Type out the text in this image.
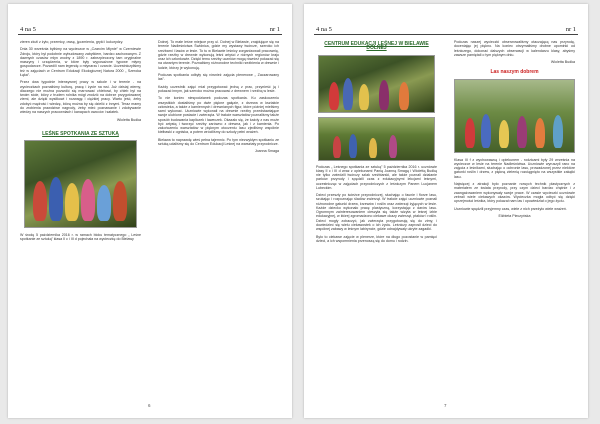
4 na 5	nr 1

zieren złożi z żyto, przemicy, owsę, jęczmienia, gryki i kukurydzy.

Dnia 30 września byliśmy na wycieczce w „Czarcim Młynie” w Czerniewie Zdroju, który był podobnie wybudowany zabytkiem, bardzo zachowanym. Z dawnych czasów młyn wodny z 1890 r. zabezpieczony tam oryginalne maszyny i urządzenia, w które były wyposażone typowe młyny gospodarcze. Pozwolili nam legendę o młynarzu i czarcie. Uczestniczyliśmy też w zajęciach w Centrum Edukacji Ekologicznej Natura 2000 „ Szeroka Łąka”.

Przez dwa tygodnie intensywnej pracy w szkole i w terenie - na wycieczkach poznaliśmy kulturę, pracę i życie na wsi. Już dzisiaj wiemy, dlaczego nie można pozwolić się marnować chlebowi, by chleb był na twoim stole, który z trudem rolnika mógł zrodzić na dobrze przygotowanej ziemi, ale dzięki wysiłkowi i rozwagę i ciężkiej pracy. Warto jeść, żeby zdobyć mądrość i wiedzę, którą można by się dzielić z innymi. Teraz mamy do zrobienia prawdziwe nagrody, żeby mieć poznawanie i zdobywanie wiedzy na naszych pracowniach i kanapach owoców i sałatek.

Wioletta Budka
LEŚNE SPOTKANIA ZE SZTUKĄ

W środę 5 października 2016 r. w ramach bloku tematycznego „ Leśne spotkanie ze sztuką” klasa II c i III d pojechała na wycieczkę do Bielawy

Dolnej. To małe leśne miejsce przy ul. Dolnej w Bielawie, znajdujące się na terenie Nadleśnictwa Świdnica, gdzie my wystawy twórcze, szeroko ich rzeźbami i lasów w lesie. To tu w Bielawie leśnicy zorganizowali pracownię, gdzie rzeźby w drewnie wykonują leśni artyści z różnych regionów kraju oraz ich członkowie. Dzięki temu rzeźby uczniów mogą również pokazać się na otwartym terenie. Poznaliśmy różnorodne techniki rzeźbienia w drewnie i ludzie, którzy je wykonują.

Podczas spotkania odbyły się również zajęcia plenerowe „ Zaczarowany las”.

Każdy uczestnik zajęć miał przygotować jedną z prac, przynieść ją i pokazać innym, jak szeroko można pracować z drewnem i rzeźbą w lesie.

To nie koniec niespodzianek podczas spotkania. Ku zaskoczeniu wszystkich dostaliśmy po dwie piękne gałęzie, z drzewa w kształcie człowieka, a także z kamiennych i drewnianych figur, które później mieliśmy sami wykonać. Uczniowie wykonali na drewnie rzeźby przedstawiające swoje ulubione postacie i zwierzęta. W trakcie warsztatów poznaliśmy także sposób budowania kapliczek i ławeczek. Okazało się, że każdy z nas może być artystą i tworzyć rzeźby zarówno z drewna, jak i z kamienia. Po zakończeniu warsztatów w pięknym otoczeniu lasu zjedliśmy wspólnie kiełbaski z ogniska, a potem wróciliśmy do szkoły pełni wrażeń.

Bielawa to naprawdę wieś pełna tajemnic. Po tym niezwykłym spotkaniu ze sztuką udaliśmy się do Centrum Edukacji Leśnej na warsztaty przyrodnicze.

Joanna Smaga
6
4 na 5	nr 1
CENTRUM EDUKACJI LEŚNEJ W BIELAWIE DOLNEJ

Podczas „ Leśnego spotkania ze sztuką” 5 października 2016 r. uczniowie klasy II c i III d wraz z opiekunami Panią Joanną Smagą i Wiolettą Budką nie tylko zwiedzili twórczy szlak rzeźbiarski, ale także poznali działanie parków przyrody i spędzili czas z edukacyjnymi lekcjami leśnymi, uczestnicząc w zajęciach przyrodniczych z leśniczym Panem Lucjanem Lubeckim.

Dzieci przeszły po ścieżce przyrodniczej, słuchając o faunie i florze lasu, szukając i rozpoznając śladów zwierząt. W trakcie zajęć uczniowie poznali różnorodne gatunki drzew, krzewów i roślin oraz zwierząt żyjących w lesie. Każde dziecko wykonało pracę plastyczną, korzystając z darów lasu. Ogromnym zainteresowaniem cieszyła się także wizyta w leśnej izbie edukacyjnej, w której zgromadzono ciekawe okazy zwierząt, ptaków i roślin. Dzieci mogły zobaczyć, jak zwierzęta przygotowują się do zimy, i dowiedzieć się wielu ciekawostek o ich życiu. Leśniczy zaprosił dzieci do wspólnej zabawy w leśnym labiryncie, gdzie odnajdywały ukryte zagadki.

Było to ciekawe zajęcie w plenerze, które na długo pozostanie w pamięci dzieci, a ich wspomnienia przenoszą się do domu i rodzin.

Podczas naszej wycieczki obserwowaliśmy otaczającą nas przyrodę, doceniając jej piękno. Na koniec otrzymaliśmy drobne upominki od leśniczego, dokonać dalszych obserwacji w kalendarzu klasy, abyśmy zawsze pamiętali o tym pięknym dniu.

Wioletta Budka
Las naszym dobrem

Klasa III f z wychowawcą i opiekunem - rodzicami były 29 września na wycieczce w lesie na terenie Nadleśnictwa. Uczniowie wyruszyli rano na zajęcia z leśnikami, słuchając o ochronie lasu, prowadzonej przez niektóre gatunki roślin i drzew, z piękną zielenią rozciągnięto na wszystkie zakątki lasu.

Najwięcej z atrakcji było poznanie nowych technik plastycznych z materiałem ze świata przyrody, przy czym dzieci bardzo chętnie i z zaangażowaniem wykonywały swoje prace. W czasie wycieczki uczniowie zebrali wiele ciekawych okazów. Wycieczka mogła odbyć się dzięki uprzejmości leśnika, który pokazał nam las i opowiedział o jego życiu.

Uczniowie spędzili przyjemny czas, wiele z nich przeżyło wiele wrażeń.

Elżbieta Pieczyńska
7
